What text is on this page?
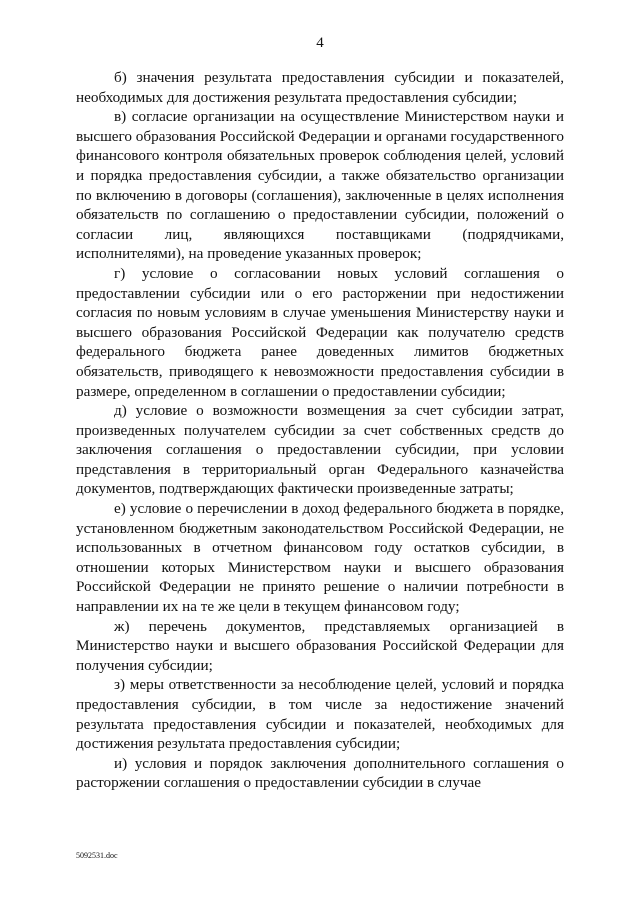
4

б) значения результата предоставления субсидии и показателей, необходимых для достижения результата предоставления субсидии;

в) согласие организации на осуществление Министерством науки и высшего образования Российской Федерации и органами государственного финансового контроля обязательных проверок соблюдения целей, условий и порядка предоставления субсидии, а также обязательство организации по включению в договоры (соглашения), заключенные в целях исполнения обязательств по соглашению о предоставлении субсидии, положений о согласии лиц, являющихся поставщиками (подрядчиками, исполнителями), на проведение указанных проверок;

г) условие о согласовании новых условий соглашения о предоставлении субсидии или о его расторжении при недостижении согласия по новым условиям в случае уменьшения Министерству науки и высшего образования Российской Федерации как получателю средств федерального бюджета ранее доведенных лимитов бюджетных обязательств, приводящего к невозможности предоставления субсидии в размере, определенном в соглашении о предоставлении субсидии;

д) условие о возможности возмещения за счет субсидии затрат, произведенных получателем субсидии за счет собственных средств до заключения соглашения о предоставлении субсидии, при условии представления в территориальный орган Федерального казначейства документов, подтверждающих фактически произведенные затраты;

е) условие о перечислении в доход федерального бюджета в порядке, установленном бюджетным законодательством Российской Федерации, не использованных в отчетном финансовом году остатков субсидии, в отношении которых Министерством науки и высшего образования Российской Федерации не принято решение о наличии потребности в направлении их на те же цели в текущем финансовом году;

ж) перечень документов, представляемых организацией в Министерство науки и высшего образования Российской Федерации для получения субсидии;

з) меры ответственности за несоблюдение целей, условий и порядка предоставления субсидии, в том числе за недостижение значений результата предоставления субсидии и показателей, необходимых для достижения результата предоставления субсидии;

и) условия и порядок заключения дополнительного соглашения о расторжении соглашения о предоставлении субсидии в случае

5092531.doc
